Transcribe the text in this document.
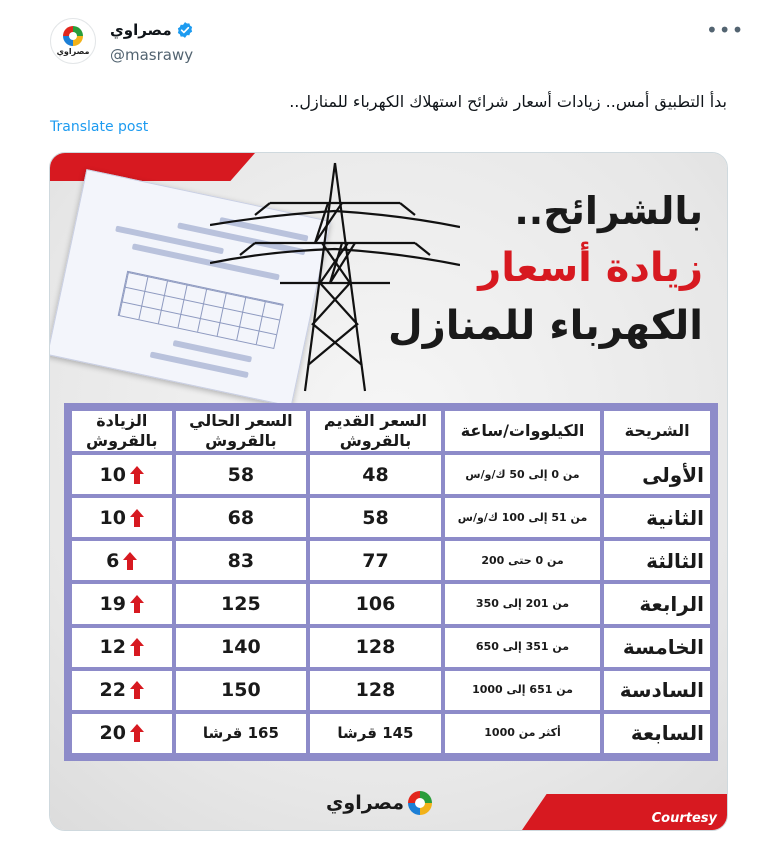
مصراوي
مصراوي
@masrawy
•••
بدأ التطبيق أمس.. زيادات أسعار شرائح استهلاك الكهرباء للمنازل..
Translate post
بالشرائح..
زيادة أسعار
الكهرباء للمنازل
الشريحة	الكيلووات/ساعة	السعر القديم بالقروش	السعر الحالي بالقروش	الزيادة بالقروش
الأولى	من 0 إلى 50 ك/و/س	48	58	10

الثانية	من 51 إلى 100 ك/و/س	58	68	10

الثالثة	من 0 حتى 200	77	83	6

الرابعة	من 201 إلى 350	106	125	19

الخامسة	من 351 إلى 650	128	140	12

السادسة	من 651 إلى 1000	128	150	22

السابعة	أكثر من 1000	145 قرشا	165 قرشا	20
مصراوي
Courtesy
